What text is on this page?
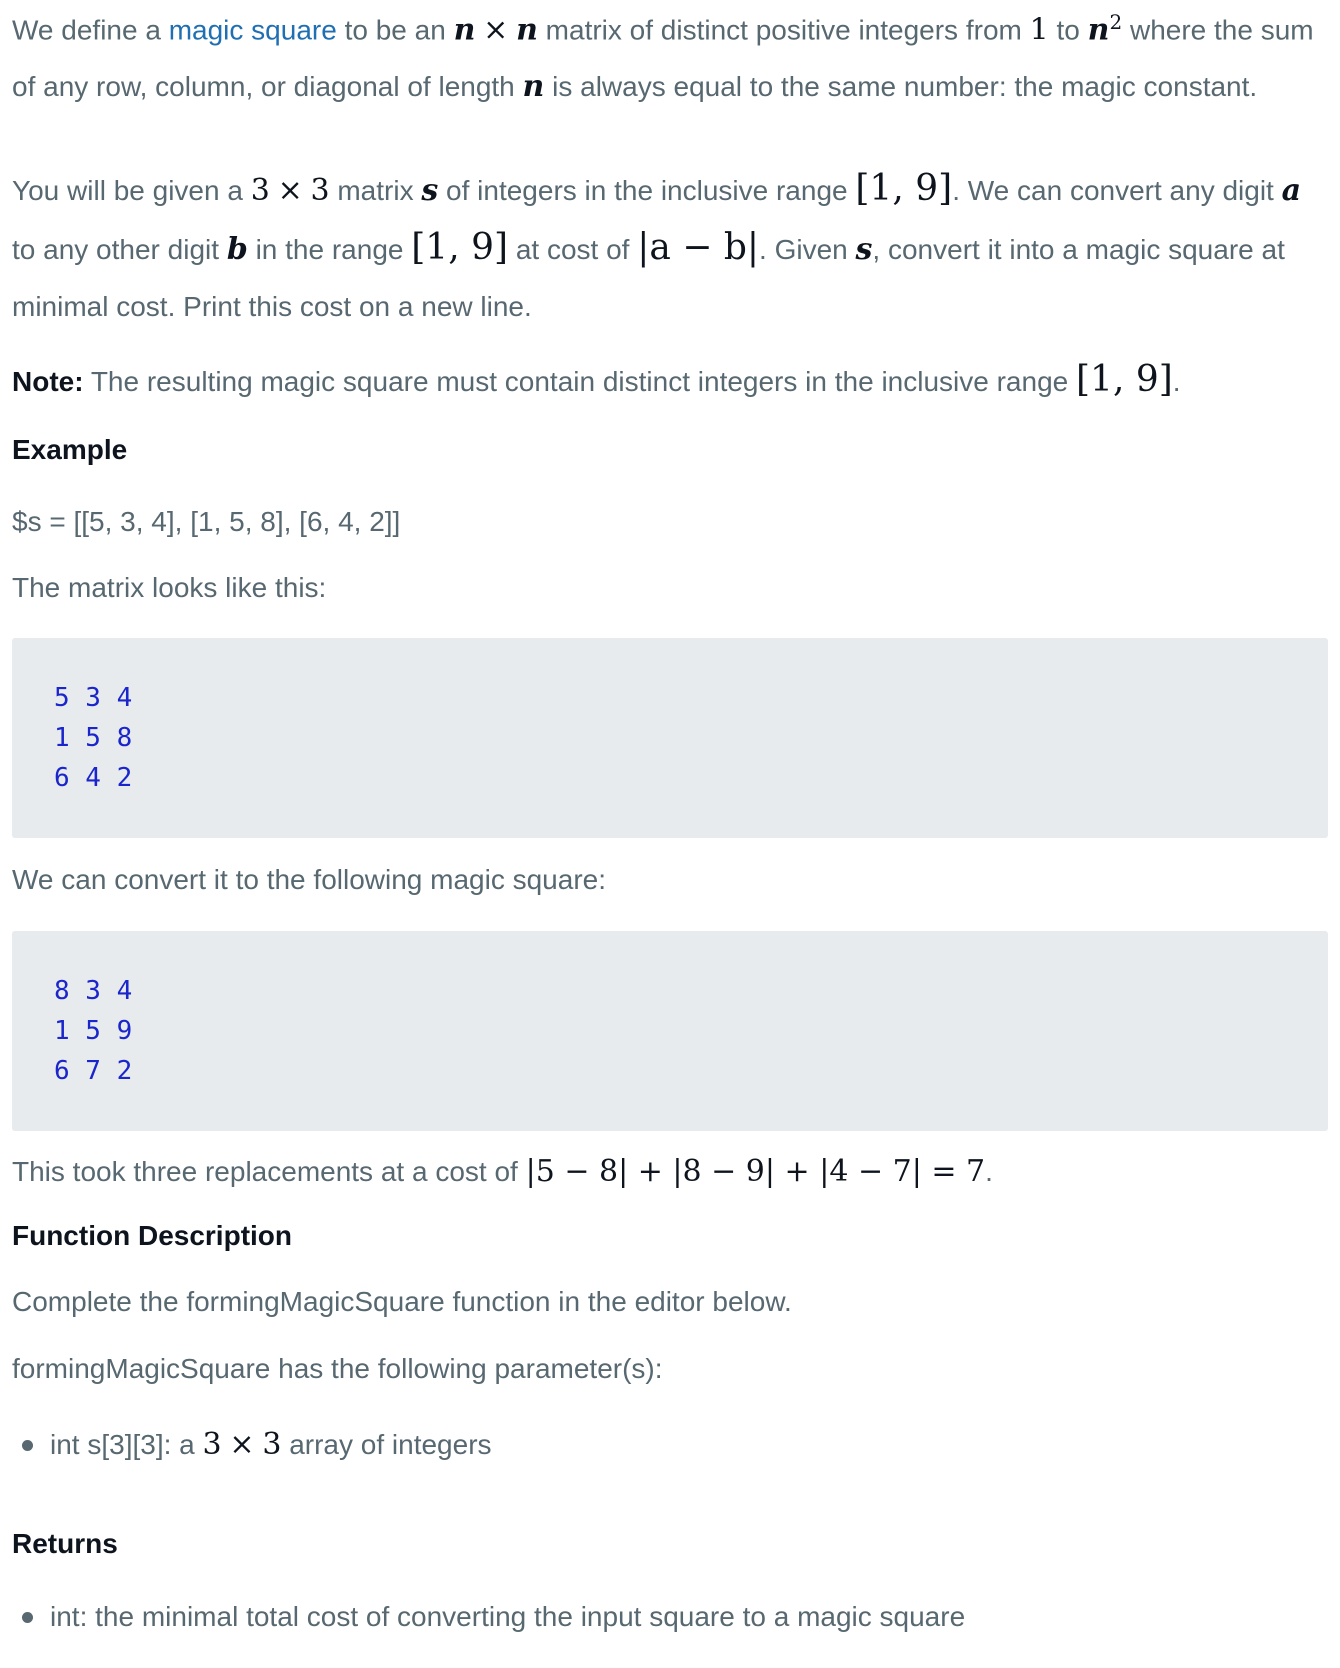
We define a magic square to be an n × n matrix of distinct positive integers from 1 to $n^2$ where the sum of any row, column, or diagonal of length n is always equal to the same number: the magic constant.

You will be given a 3 × 3 matrix s of integers in the inclusive range [1, 9]. We can convert any digit a to any other digit b in the range [1, 9] at cost of |a − b|. Given s, convert it into a magic square at minimal cost. Print this cost on a new line.

Note: The resulting magic square must contain distinct integers in the inclusive range [1, 9].

Example

$s = [[5, 3, 4], [1, 5, 8], [6, 4, 2]]

The matrix looks like this:

5 3 4
1 5 8
6 4 2

We can convert it to the following magic square:

8 3 4
1 5 9
6 7 2

This took three replacements at a cost of |5 − 8| + |8 − 9| + |4 − 7| = 7.

Function Description

Complete the formingMagicSquare function in the editor below.

formingMagicSquare has the following parameter(s):

int s[3][3]: a 3 × 3 array of integers

Returns

int: the minimal total cost of converting the input square to a magic square
